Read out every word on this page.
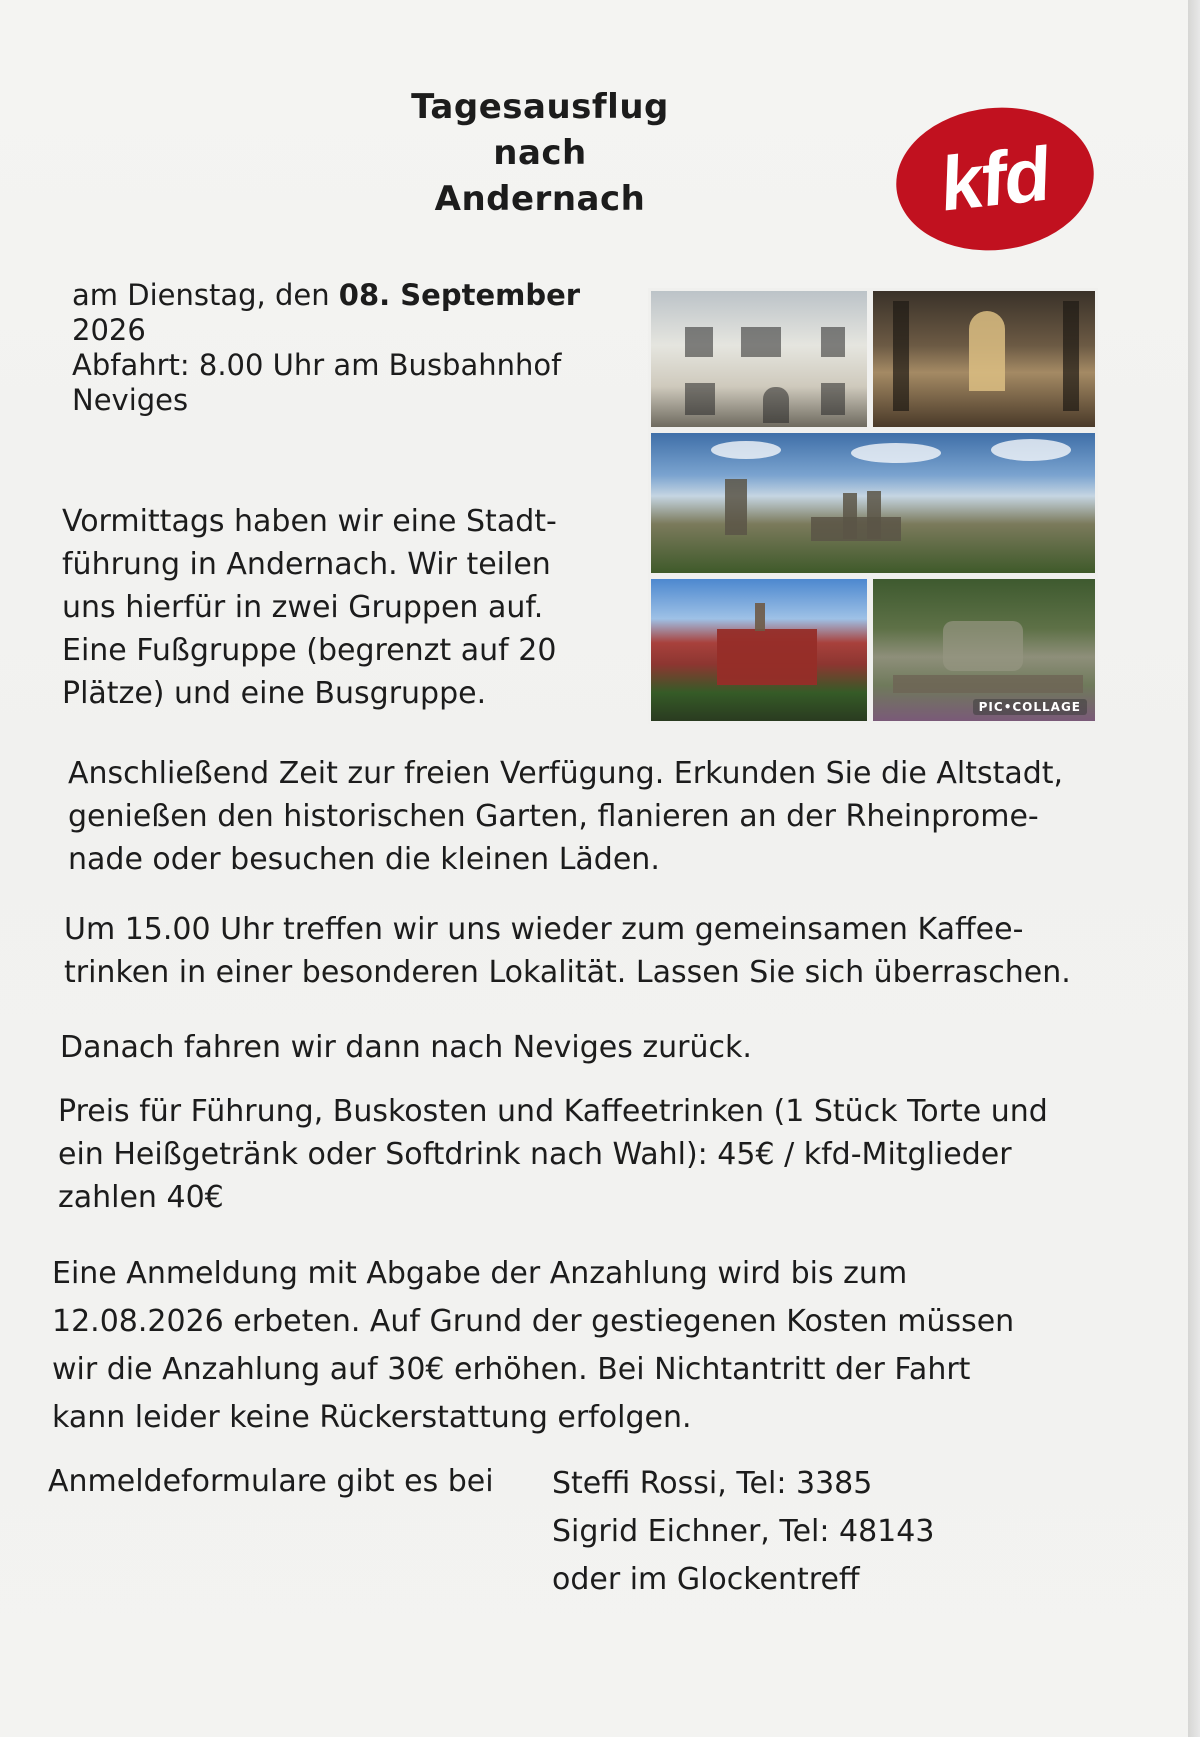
Tagesausflug
nach
Andernach	kfd
am Dienstag, den 08. September
2026
Abfahrt: 8.00 Uhr am Busbahnhof
Neviges
PIC•COLLAGE
Vormittags haben wir eine Stadt-
führung in Andernach. Wir teilen
uns hierfür in zwei Gruppen auf.
Eine Fußgruppe (begrenzt auf 20
Plätze) und eine Busgruppe.
Anschließend Zeit zur freien Verfügung. Erkunden Sie die Altstadt,
genießen den historischen Garten, flanieren an der Rheinprome-
nade oder besuchen die kleinen Läden.
Um 15.00 Uhr treffen wir uns wieder zum gemeinsamen Kaffee-
trinken in einer besonderen Lokalität. Lassen Sie sich überraschen.
Danach fahren wir dann nach Neviges zurück.
Preis für Führung, Buskosten und Kaffeetrinken (1 Stück Torte und
ein Heißgetränk oder Softdrink nach Wahl): 45€ / kfd-Mitglieder
zahlen 40€
Eine Anmeldung mit Abgabe der Anzahlung wird bis zum
12.08.2026 erbeten. Auf Grund der gestiegenen Kosten müssen
wir die Anzahlung auf 30€ erhöhen. Bei Nichtantritt der Fahrt
kann leider keine Rückerstattung erfolgen.
Anmeldeformulare gibt es bei Steffi Rossi, Tel: 3385
Sigrid Eichner, Tel: 48143
oder im Glockentreff
